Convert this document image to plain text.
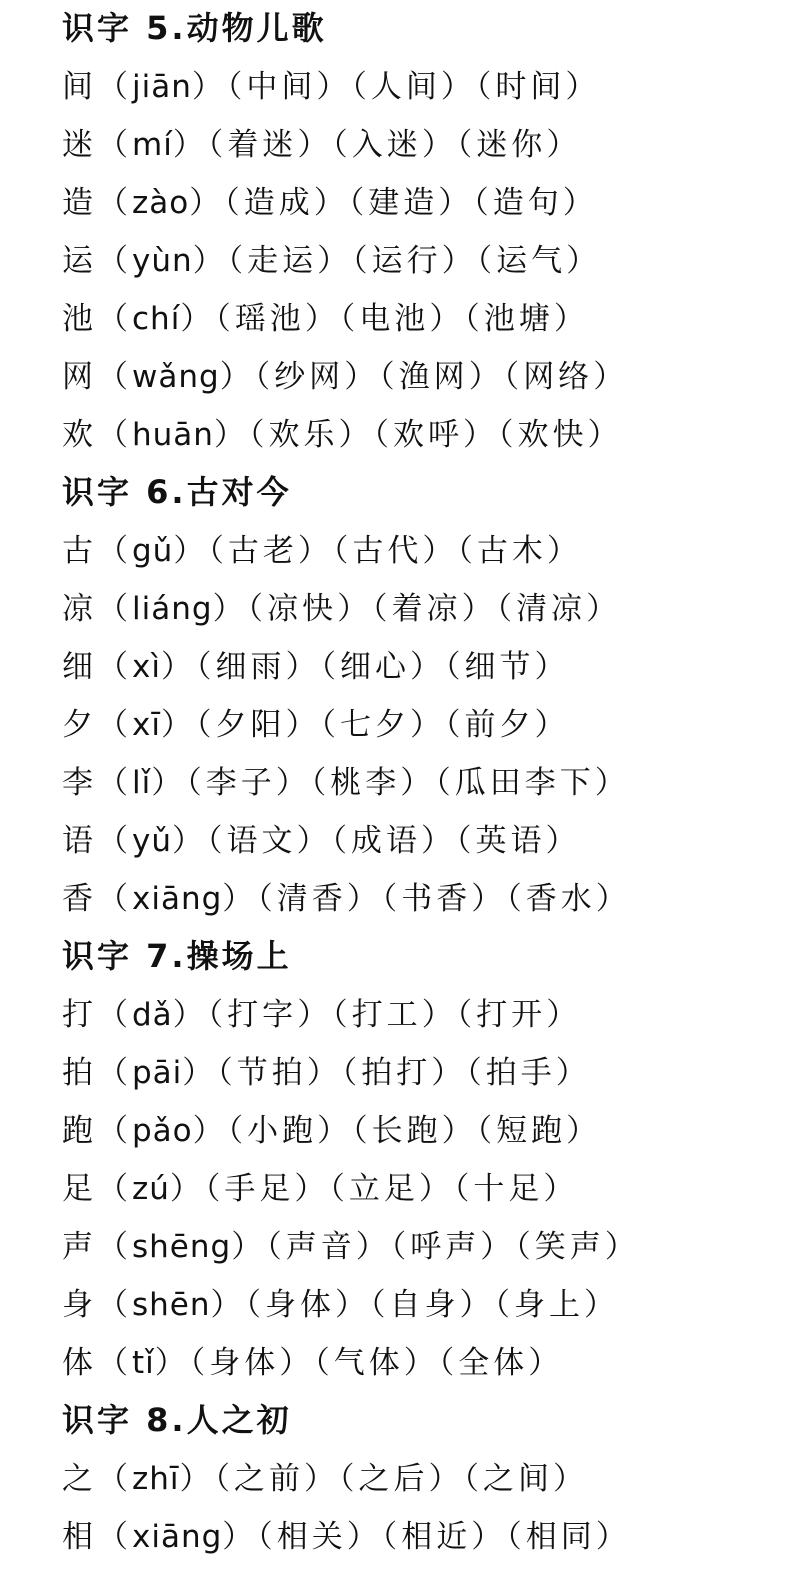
识字 5.动物儿歌
间（jiān）（中间）（人间）（时间）
迷（mí）（着迷）（入迷）（迷你）
造（zào）（造成）（建造）（造句）
运（yùn）（走运）（运行）（运气）
池（chí）（瑶池）（电池）（池塘）
网（wǎng）（纱网）（渔网）（网络）
欢（huān）（欢乐）（欢呼）（欢快）
识字 6.古对今
古（gǔ）（古老）（古代）（古木）
凉（liáng）（凉快）（着凉）（清凉）
细（xì）（细雨）（细心）（细节）
夕（xī）（夕阳）（七夕）（前夕）
李（lǐ）（李子）（桃李）（瓜田李下）
语（yǔ）（语文）（成语）（英语）
香（xiāng）（清香）（书香）（香水）
识字 7.操场上
打（dǎ）（打字）（打工）（打开）
拍（pāi）（节拍）（拍打）（拍手）
跑（pǎo）（小跑）（长跑）（短跑）
足（zú）（手足）（立足）（十足）
声（shēng）（声音）（呼声）（笑声）
身（shēn）（身体）（自身）（身上）
体（tǐ）（身体）（气体）（全体）
识字 8.人之初
之（zhī）（之前）（之后）（之间）
相（xiāng）（相关）（相近）（相同）
